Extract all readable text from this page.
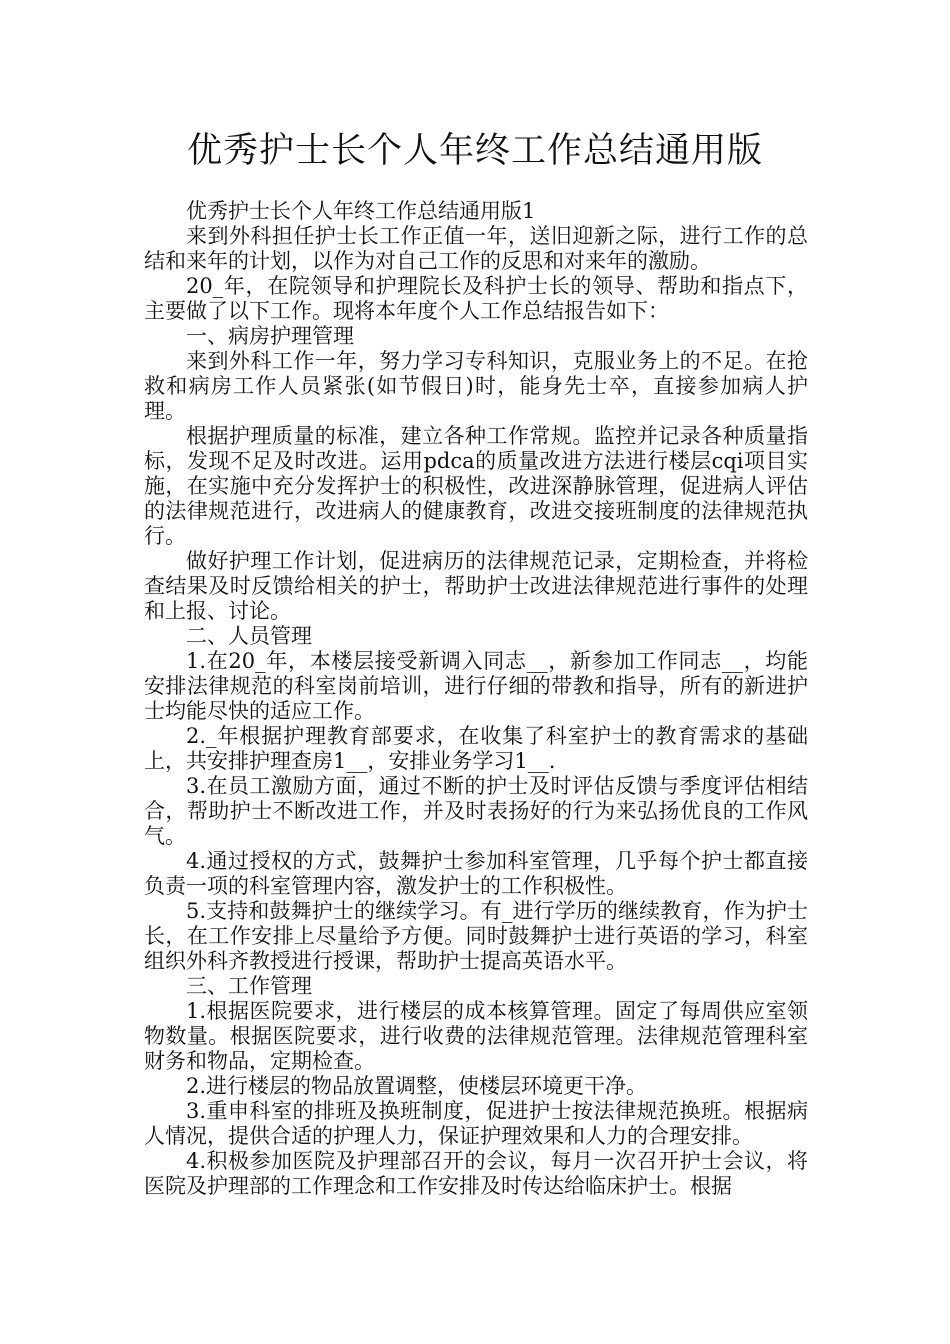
优秀护士长个人年终工作总结通用版

优秀护士长个人年终工作总结通用版1

来到外科担任护士长工作正值一年，送旧迎新之际，进行工作的总结和来年的计划，以作为对自己工作的反思和对来年的激励。

20_年，在院领导和护理院长及科护士长的领导、帮助和指点下，主要做了以下工作。现将本年度个人工作总结报告如下：

一、病房护理管理

来到外科工作一年，努力学习专科知识，克服业务上的不足。在抢救和病房工作人员紧张(如节假日)时，能身先士卒，直接参加病人护理。

根据护理质量的标准，建立各种工作常规。监控并记录各种质量指标，发现不足及时改进。运用pdca的质量改进方法进行楼层cqi项目实施，在实施中充分发挥护士的积极性，改进深静脉管理，促进病人评估的法律规范进行，改进病人的健康教育，改进交接班制度的法律规范执行。

做好护理工作计划，促进病历的法律规范记录，定期检查，并将检查结果及时反馈给相关的护士，帮助护士改进法律规范进行事件的处理和上报、讨论。

二、人员管理

1.在20_年，本楼层接受新调入同志__，新参加工作同志__，均能安排法律规范的科室岗前培训，进行仔细的带教和指导，所有的新进护士均能尽快的适应工作。

2._年根据护理教育部要求，在收集了科室护士的教育需求的基础上，共安排护理查房1__，安排业务学习1__.

3.在员工激励方面，通过不断的护士及时评估反馈与季度评估相结合，帮助护士不断改进工作，并及时表扬好的行为来弘扬优良的工作风气。

4.通过授权的方式，鼓舞护士参加科室管理，几乎每个护士都直接负责一项的科室管理内容，激发护士的工作积极性。

5.支持和鼓舞护士的继续学习。有_进行学历的继续教育，作为护士长，在工作安排上尽量给予方便。同时鼓舞护士进行英语的学习，科室组织外科齐教授进行授课，帮助护士提高英语水平。

三、工作管理

1.根据医院要求，进行楼层的成本核算管理。固定了每周供应室领物数量。根据医院要求，进行收费的法律规范管理。法律规范管理科室财务和物品，定期检查。

2.进行楼层的物品放置调整，使楼层环境更干净。

3.重申科室的排班及换班制度，促进护士按法律规范换班。根据病人情况，提供合适的护理人力，保证护理效果和人力的合理安排。

4.积极参加医院及护理部召开的会议，每月一次召开护士会议，将医院及护理部的工作理念和工作安排及时传达给临床护士。根据
